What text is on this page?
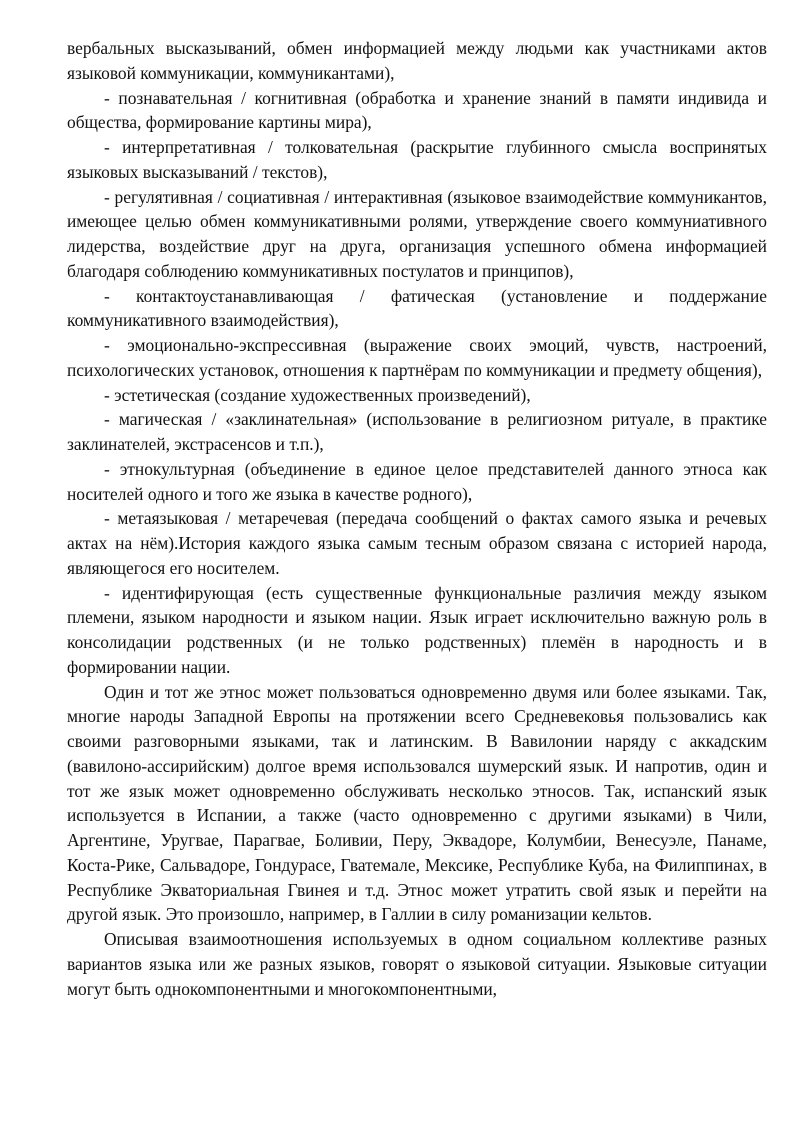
вербальных высказываний, обмен информацией между людьми как участниками актов языковой коммуникации, коммуникантами),

- познавательная / когнитивная (обработка и хранение знаний в памяти индивида и общества, формирование картины мира),

- интерпретативная / толковательная (раскрытие глубинного смысла воспринятых языковых высказываний / текстов),

- регулятивная / социативная / интерактивная (языковое взаимодействие коммуникантов, имеющее целью обмен коммуникативными ролями, утверждение своего коммуниативного лидерства, воздействие друг на друга, организация успешного обмена информацией благодаря соблюдению коммуникативных постулатов и принципов),

- контактоустанавливающая / фатическая (установление и поддержание коммуникативного взаимодействия),

- эмоционально-экспрессивная (выражение своих эмоций, чувств, настроений, психологических установок, отношения к партнёрам по коммуникации и предмету общения),

- эстетическая (создание художественных произведений),

- магическая / «заклинательная» (использование в религиозном ритуале, в практике заклинателей, экстрасенсов и т.п.),

- этнокультурная (объединение в единое целое представителей данного этноса как носителей одного и того же языка в качестве родного),

- метаязыковая / метаречевая (передача сообщений о фактах самого языка и речевых актах на нём).История каждого языка самым тесным образом связана с историей народа, являющегося его носителем.

- идентифирующая (есть существенные функциональные различия между языком племени, языком народности и языком нации. Язык играет исключительно важную роль в консолидации родственных (и не только родственных) племён в народность и в формировании нации.

Один и тот же этнос может пользоваться одновременно двумя или более языками. Так, многие народы Западной Европы на протяжении всего Средневековья пользовались как своими разговорными языками, так и латинским. В Вавилонии наряду с аккадским (вавилоно-ассирийским) долгое время использовался шумерский язык. И напротив, один и тот же язык может одновременно обслуживать несколько этносов. Так, испанский язык используется в Испании, а также (часто одновременно с другими языками) в Чили, Аргентине, Уругвае, Парагвае, Боливии, Перу, Эквадоре, Колумбии, Венесуэле, Панаме, Коста-Рике, Сальвадоре, Гондурасе, Гватемале, Мексике, Республике Куба, на Филиппинах, в Республике Экваториальная Гвинея и т.д. Этнос может утратить свой язык и перейти на другой язык. Это произошло, например, в Галлии в силу романизации кельтов.

Описывая взаимоотношения используемых в одном социальном коллективе разных вариантов языка или же разных языков, говорят о языковой ситуации. Языковые ситуации могут быть однокомпонентными и многокомпонентными,
